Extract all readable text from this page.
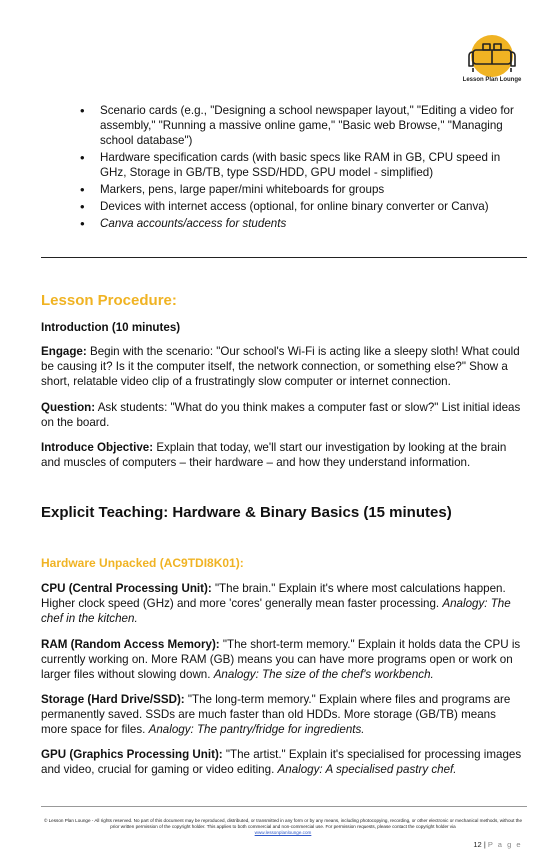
Lesson Plan Lounge
• Scenario cards (e.g., "Designing a school newspaper layout," "Editing a video for assembly," "Running a massive online game," "Basic web Browse," "Managing school database")
• Hardware specification cards (with basic specs like RAM in GB, CPU speed in GHz, Storage in GB/TB, type SSD/HDD, GPU model - simplified)
• Markers, pens, large paper/mini whiteboards for groups
• Devices with internet access (optional, for online binary converter or Canva)
• Canva accounts/access for students
Lesson Procedure:

Introduction (10 minutes)

Engage: Begin with the scenario: "Our school's Wi-Fi is acting like a sleepy sloth! What could be causing it? Is it the computer itself, the network connection, or something else?" Show a short, relatable video clip of a frustratingly slow computer or internet connection.

Question: Ask students: "What do you think makes a computer fast or slow?" List initial ideas on the board.

Introduce Objective: Explain that today, we'll start our investigation by looking at the brain and muscles of computers – their hardware – and how they understand information.

Explicit Teaching: Hardware & Binary Basics (15 minutes)
Hardware Unpacked (AC9TDI8K01):

CPU (Central Processing Unit): "The brain." Explain it's where most calculations happen. Higher clock speed (GHz) and more 'cores' generally mean faster processing. Analogy: The chef in the kitchen.

RAM (Random Access Memory): "The short-term memory." Explain it holds data the CPU is currently working on. More RAM (GB) means you can have more programs open or work on larger files without slowing down. Analogy: The size of the chef's workbench.

Storage (Hard Drive/SSD): "The long-term memory." Explain where files and programs are permanently saved. SSDs are much faster than old HDDs. More storage (GB/TB) means more space for files. Analogy: The pantry/fridge for ingredients.

GPU (Graphics Processing Unit): "The artist." Explain it's specialised for processing images and video, crucial for gaming or video editing. Analogy: A specialised pastry chef.

© Lesson Plan Lounge - All rights reserved. No part of this document may be reproduced, distributed, or transmitted in any form or by any means, including photocopying, recording, or other electronic or mechanical methods, without the prior written permission of the copyright holder. This applies to both commercial and non-commercial use. For permission requests, please contact the copyright holder via
www.lessonplanlounge.com
12 | P a g e
